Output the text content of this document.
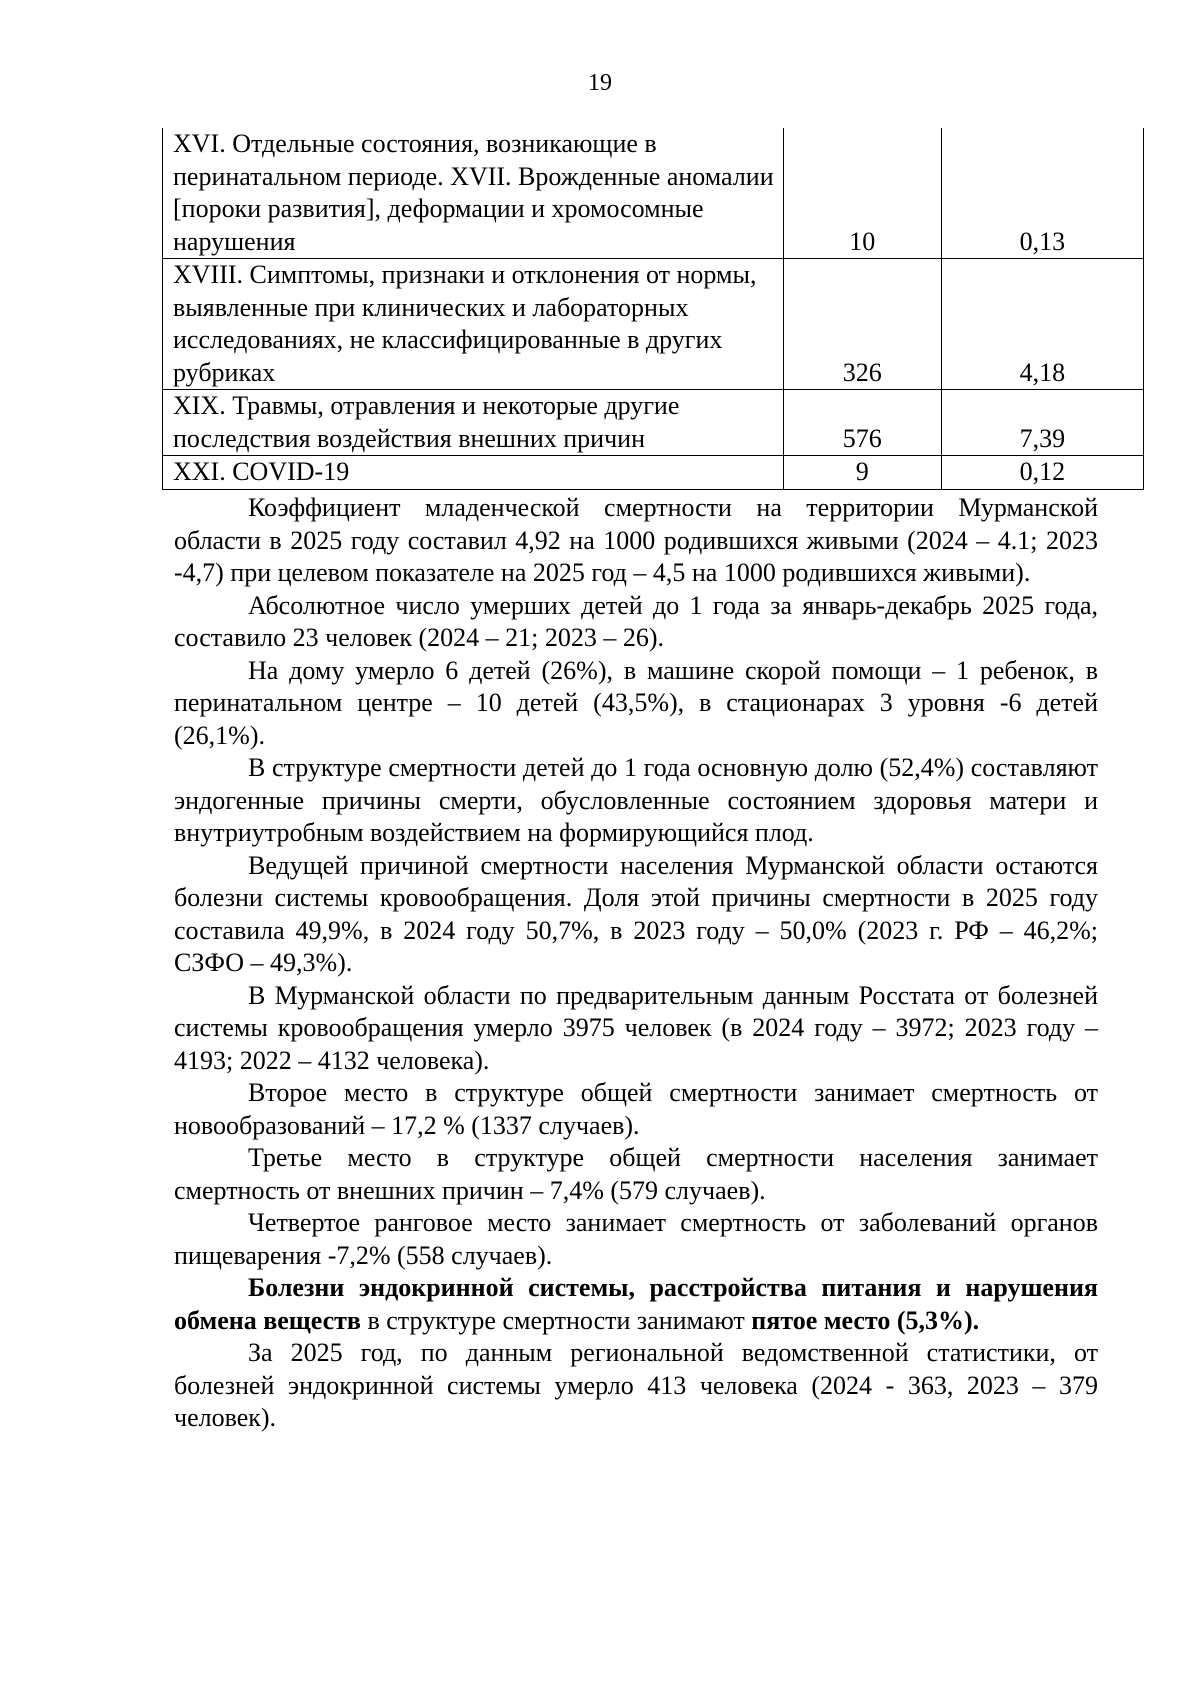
19
XVI. Отдельные состояния, возникающие в перинатальном периоде. XVII. Врожденные аномалии [пороки развития], деформации и хромосомные нарушения	10	0,13
XVIII. Симптомы, признаки и отклонения от нормы, выявленные при клинических и лабораторных исследованиях, не классифицированные в других рубриках	326	4,18
XIX. Травмы, отравления и некоторые другие последствия воздействия внешних причин	576	7,39
XXI. COVID-19	9	0,12

Коэффициент младенческой смертности на территории Мурманской области в 2025 году составил 4,92 на 1000 родившихся живыми (2024 – 4.1; 2023 -4,7) при целевом показателе на 2025 год – 4,5 на 1000 родившихся живыми).

Абсолютное число умерших детей до 1 года за январь-декабрь 2025 года, составило 23 человек (2024 – 21; 2023 – 26).

На дому умерло 6 детей (26%), в машине скорой помощи – 1 ребенок, в перинатальном центре – 10 детей (43,5%), в стационарах 3 уровня -6 детей (26,1%).

В структуре смертности детей до 1 года основную долю (52,4%) составляют эндогенные причины смерти, обусловленные состоянием здоровья матери и внутриутробным воздействием на формирующийся плод.

Ведущей причиной смертности населения Мурманской области остаются болезни системы кровообращения. Доля этой причины смертности в 2025 году составила 49,9%, в 2024 году 50,7%, в 2023 году – 50,0% (2023 г. РФ – 46,2%; СЗФО – 49,3%).

В Мурманской области по предварительным данным Росстата от болезней системы кровообращения умерло 3975 человек (в 2024 году – 3972; 2023 году – 4193; 2022 – 4132 человека).

Второе место в структуре общей смертности занимает смертность от новообразований – 17,2 % (1337 случаев).

Третье место в структуре общей смертности населения занимает смертность от внешних причин – 7,4% (579 случаев).

Четвертое ранговое место занимает смертность от заболеваний органов пищеварения -7,2% (558 случаев).

Болезни эндокринной системы, расстройства питания и нарушения обмена веществ в структуре смертности занимают пятое место (5,3%).

За 2025 год, по данным региональной ведомственной статистики, от болезней эндокринной системы умерло 413 человека (2024 - 363, 2023 – 379 человек).
